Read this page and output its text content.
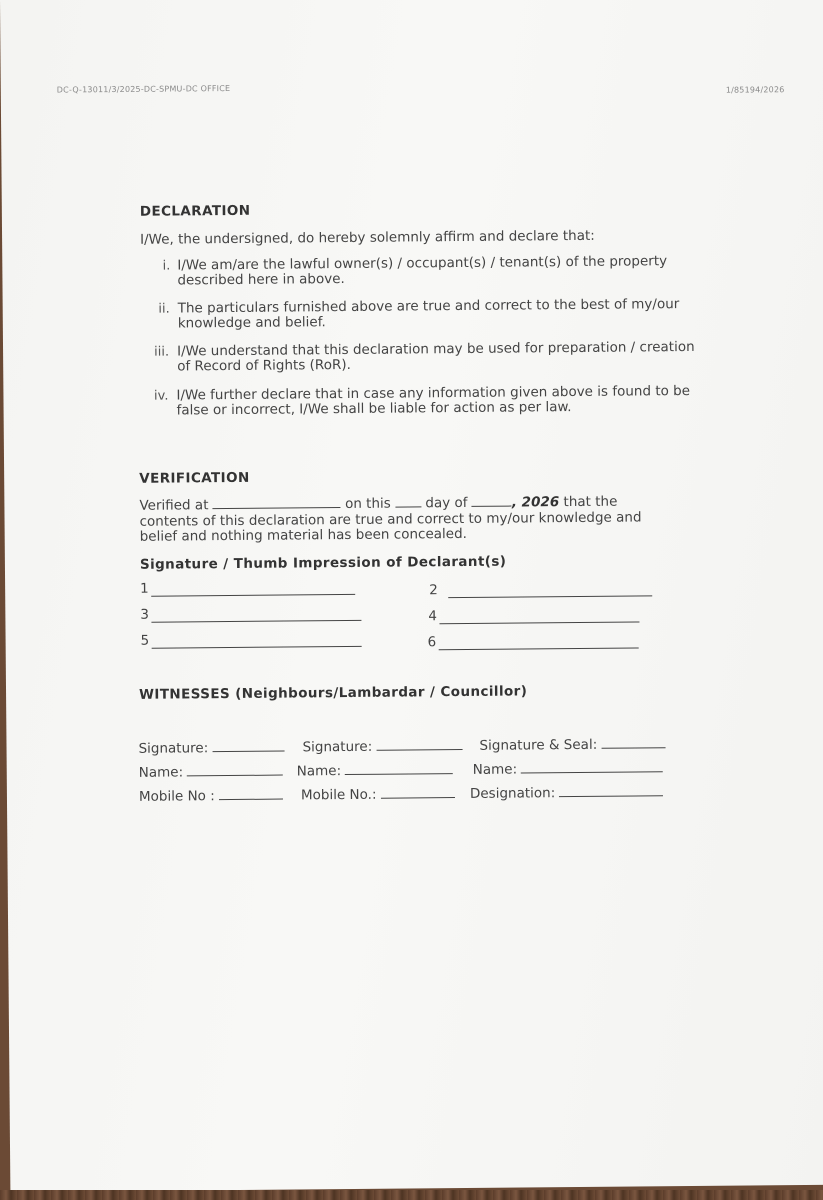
DC-Q-13011/3/2025-DC-SPMU-DC OFFICE	1/85194/2026
DECLARATION
I/We, the undersigned, do hereby solemnly affirm and declare that:
i. I/We am/are the lawful owner(s) / occupant(s) / tenant(s) of the property described here in above.
ii. The particulars furnished above are true and correct to the best of my/our knowledge and belief.
iii. I/We understand that this declaration may be used for preparation / creation of Record of Rights (RoR).
iv. I/We further declare that in case any information given above is found to be false or incorrect, I/We shall be liable for action as per law.
VERIFICATION
Verified at	on this	day of	, 2026 that the contents of this declaration are true and correct to my/our knowledge and belief and nothing material has been concealed.
Signature / Thumb Impression of Declarant(s)
1	2
3	4
5	6
WITNESSES (Neighbours/Lambardar / Councillor)
Signature:	Signature:	Signature & Seal:
Name:	Name:	Name:
Mobile No :	Mobile No.:	Designation:
